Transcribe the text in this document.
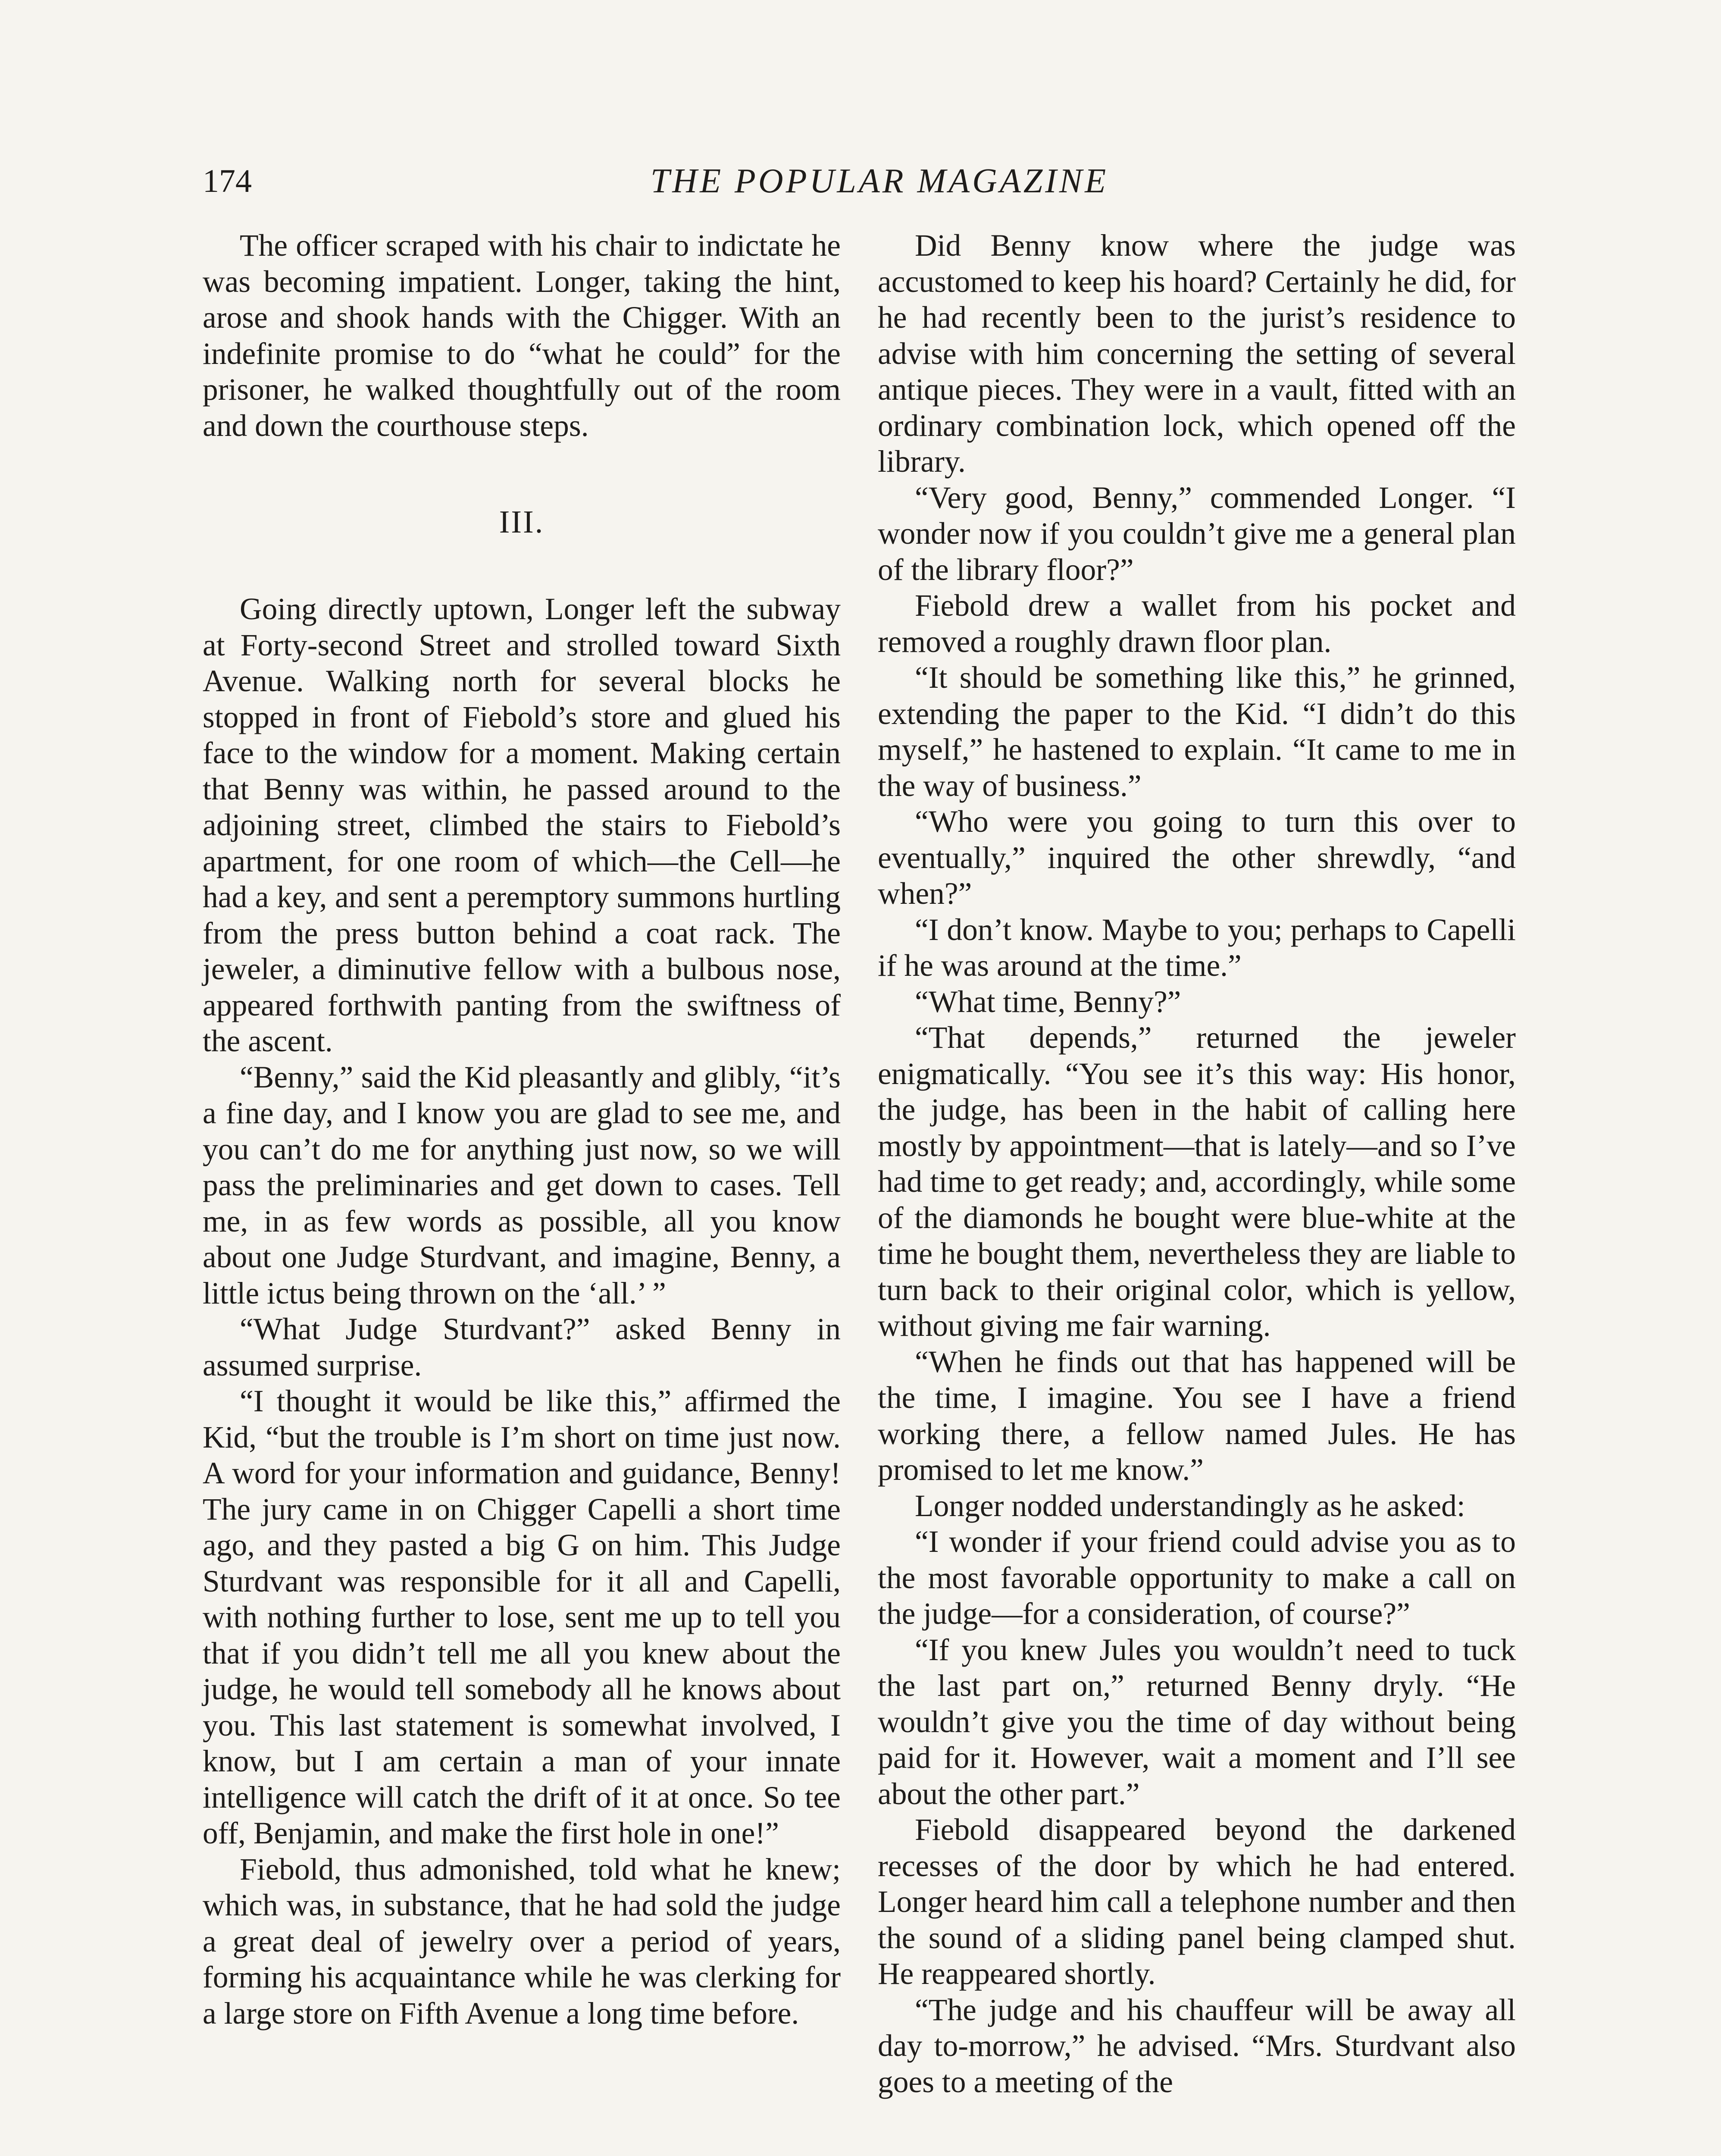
174	THE POPULAR MAGAZINE

The officer scraped with his chair to indictate he was becoming impatient. Longer, taking the hint, arose and shook hands with the Chigger. With an indefinite promise to do “what he could” for the prisoner, he walked thoughtfully out of the room and down the courthouse steps.

III.

Going directly uptown, Longer left the subway at Forty-second Street and strolled toward Sixth Avenue. Walking north for several blocks he stopped in front of Fiebold’s store and glued his face to the window for a moment. Making certain that Benny was within, he passed around to the adjoining street, climbed the stairs to Fiebold’s apartment, for one room of which—the Cell—he had a key, and sent a peremptory summons hurtling from the press button behind a coat rack. The jeweler, a diminutive fellow with a bulbous nose, appeared forthwith panting from the swiftness of the ascent.

“Benny,” said the Kid pleasantly and glibly, “it’s a fine day, and I know you are glad to see me, and you can’t do me for anything just now, so we will pass the preliminaries and get down to cases. Tell me, in as few words as possible, all you know about one Judge Sturdvant, and imagine, Benny, a little ictus being thrown on the ‘all.’ ”

“What Judge Sturdvant?” asked Benny in assumed surprise.

“I thought it would be like this,” affirmed the Kid, “but the trouble is I’m short on time just now. A word for your information and guidance, Benny! The jury came in on Chigger Capelli a short time ago, and they pasted a big G on him. This Judge Sturdvant was responsible for it all and Capelli, with nothing further to lose, sent me up to tell you that if you didn’t tell me all you knew about the judge, he would tell somebody all he knows about you. This last statement is somewhat involved, I know, but I am certain a man of your innate intelligence will catch the drift of it at once. So tee off, Benjamin, and make the first hole in one!”

Fiebold, thus admonished, told what he knew; which was, in substance, that he had sold the judge a great deal of jewelry over a period of years, forming his acquaintance while he was clerking for a large store on Fifth Avenue a long time before.

Did Benny know where the judge was accustomed to keep his hoard? Certainly he did, for he had recently been to the jurist’s residence to advise with him concerning the setting of several antique pieces. They were in a vault, fitted with an ordinary combination lock, which opened off the library.

“Very good, Benny,” commended Longer. “I wonder now if you couldn’t give me a general plan of the library floor?”

Fiebold drew a wallet from his pocket and removed a roughly drawn floor plan.

“It should be something like this,” he grinned, extending the paper to the Kid. “I didn’t do this myself,” he hastened to explain. “It came to me in the way of business.”

“Who were you going to turn this over to eventually,” inquired the other shrewdly, “and when?”

“I don’t know. Maybe to you; perhaps to Capelli if he was around at the time.”

“What time, Benny?”

“That depends,” returned the jeweler enigmatically. “You see it’s this way: His honor, the judge, has been in the habit of calling here mostly by appointment—that is lately—and so I’ve had time to get ready; and, accordingly, while some of the diamonds he bought were blue-white at the time he bought them, nevertheless they are liable to turn back to their original color, which is yellow, without giving me fair warning.

“When he finds out that has happened will be the time, I imagine. You see I have a friend working there, a fellow named Jules. He has promised to let me know.”

Longer nodded understandingly as he asked:

“I wonder if your friend could advise you as to the most favorable opportunity to make a call on the judge—for a consideration, of course?”

“If you knew Jules you wouldn’t need to tuck the last part on,” returned Benny dryly. “He wouldn’t give you the time of day without being paid for it. However, wait a moment and I’ll see about the other part.”

Fiebold disappeared beyond the darkened recesses of the door by which he had entered. Longer heard him call a telephone number and then the sound of a sliding panel being clamped shut. He reappeared shortly.

“The judge and his chauffeur will be away all day to-morrow,” he advised. “Mrs. Sturdvant also goes to a meeting of the
